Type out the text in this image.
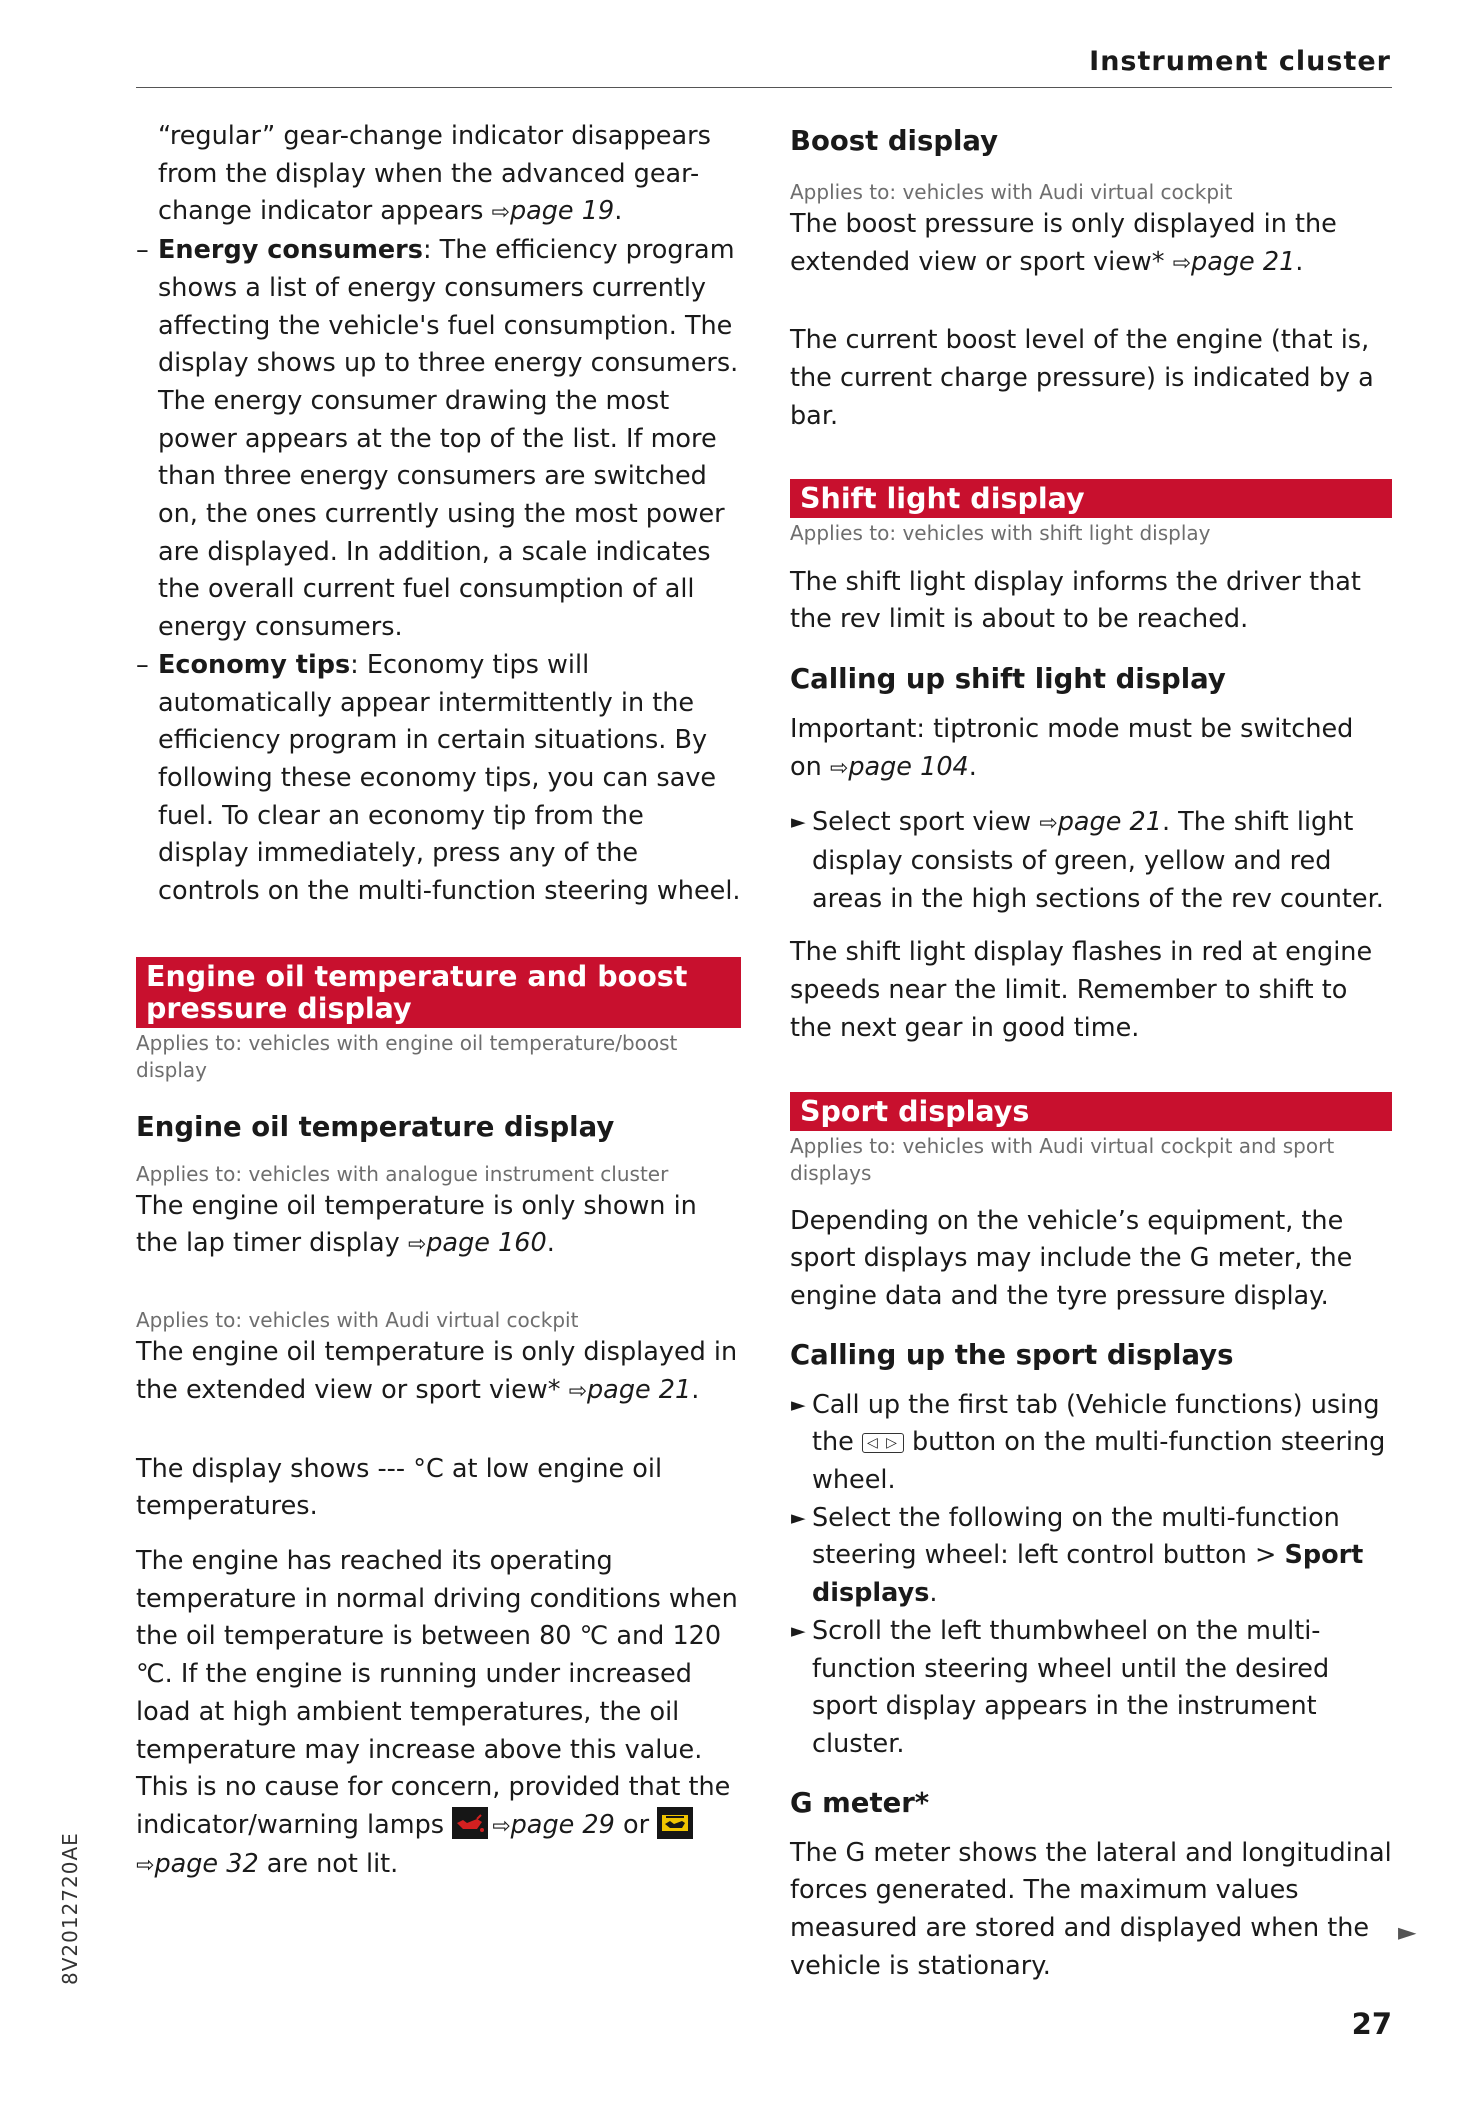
Instrument cluster

“regular” gear-change indicator disappears from the display when the advanced gear-change indicator appears ⇨page 19.

– Energy consumers: The efficiency program shows a list of energy consumers currently affecting the vehicle's fuel consumption. The display shows up to three energy consumers. The energy consumer drawing the most power appears at the top of the list. If more than three energy consumers are switched on, the ones currently using the most power are displayed. In addition, a scale indicates the overall current fuel consumption of all energy consumers.

– Economy tips: Economy tips will automatically appear intermittently in the efficiency program in certain situations. By following these economy tips, you can save fuel. To clear an economy tip from the display immediately, press any of the controls on the multi-function steering wheel.

Engine oil temperature and boost pressure display

Applies to: vehicles with engine oil temperature/boost display

Engine oil temperature display

Applies to: vehicles with analogue instrument cluster

The engine oil temperature is only shown in the lap timer display ⇨page 160.

Applies to: vehicles with Audi virtual cockpit

The engine oil temperature is only displayed in the extended view or sport view* ⇨page 21.

The display shows --- °C at low engine oil temperatures.

The engine has reached its operating temperature in normal driving conditions when the oil temperature is between 80 ℃ and 120 ℃. If the engine is running under increased load at high ambient temperatures, the oil temperature may increase above this value. This is no cause for concern, provided that the indicator/warning lamps
⇨page 29 or
⇨page 32 are not lit.

Boost display

Applies to: vehicles with Audi virtual cockpit

The boost pressure is only displayed in the extended view or sport view* ⇨page 21.

The current boost level of the engine (that is, the current charge pressure) is indicated by a bar.

Shift light display

Applies to: vehicles with shift light display

The shift light display informs the driver that the rev limit is about to be reached.

Calling up shift light display

Important: tiptronic mode must be switched on ⇨page 104.

► Select sport view ⇨page 21. The shift light display consists of green, yellow and red areas in the high sections of the rev counter.

The shift light display flashes in red at engine speeds near the limit. Remember to shift to the next gear in good time.

Sport displays

Applies to: vehicles with Audi virtual cockpit and sport displays

Depending on the vehicle’s equipment, the sport displays may include the G meter, the engine data and the tyre pressure display.

Calling up the sport displays

► Call up the first tab (Vehicle functions) using the ◁ ▷ button on the multi-function steering wheel.

► Select the following on the multi-function steering wheel: left control button > Sport displays.

► Scroll the left thumbwheel on the multi-function steering wheel until the desired sport display appears in the instrument cluster.

G meter*

The G meter shows the lateral and longitudinal forces generated. The maximum values measured are stored and displayed when the vehicle is stationary.

8V2012720AE	►
27
